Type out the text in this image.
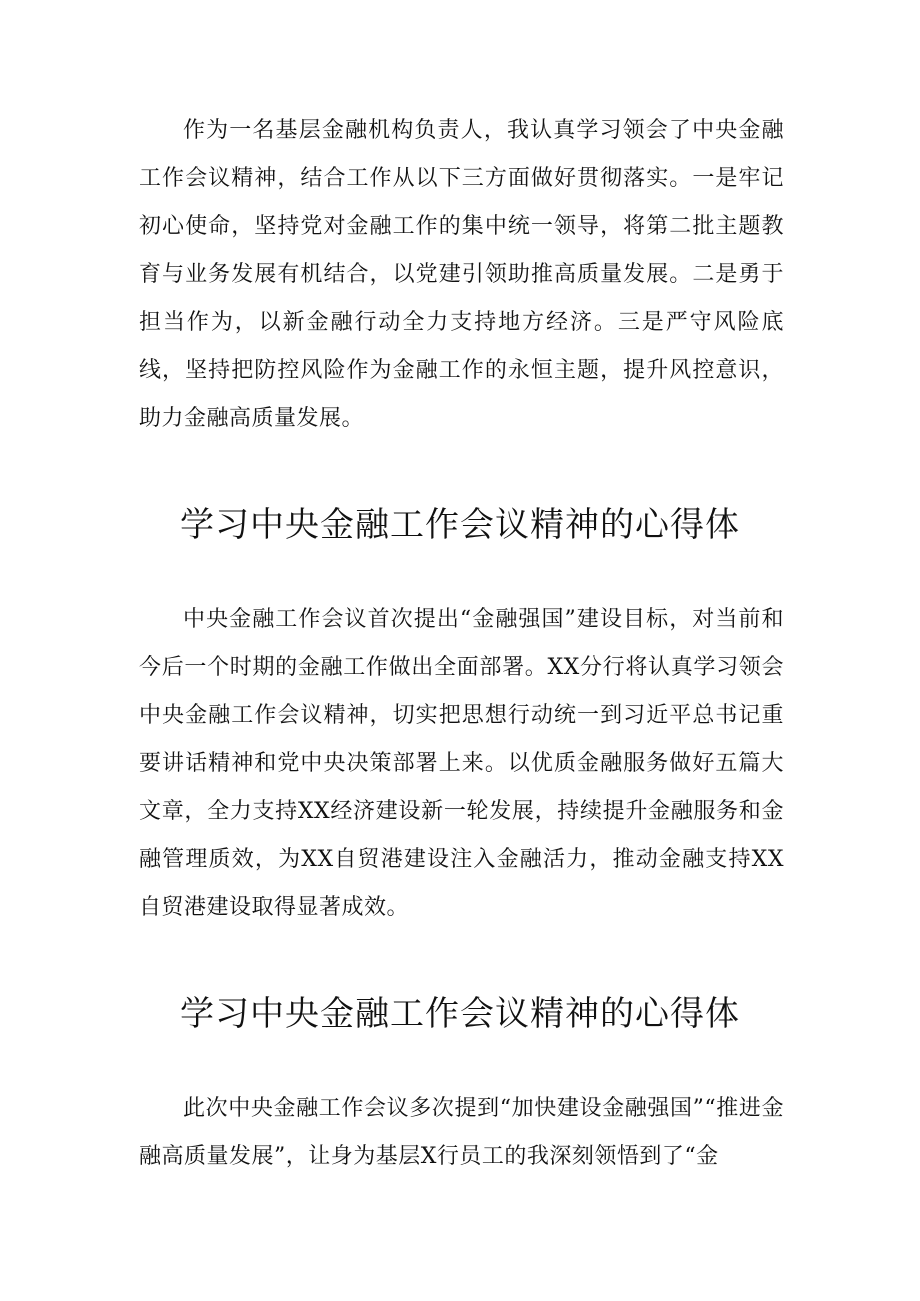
作为一名基层金融机构负责人，我认真学习领会了中央金融工作会议精神，结合工作从以下三方面做好贯彻落实。一是牢记初心使命，坚持党对金融工作的集中统一领导，将第二批主题教育与业务发展有机结合，以党建引领助推高质量发展。二是勇于担当作为，以新金融行动全力支持地方经济。三是严守风险底线，坚持把防控风险作为金融工作的永恒主题，提升风控意识，助力金融高质量发展。

学习中央金融工作会议精神的心得体

中央金融工作会议首次提出“金融强国”建设目标，对当前和今后一个时期的金融工作做出全面部署。XX分行将认真学习领会中央金融工作会议精神，切实把思想行动统一到习近平总书记重要讲话精神和党中央决策部署上来。以优质金融服务做好五篇大文章，全力支持XX经济建设新一轮发展，持续提升金融服务和金融管理质效，为XX自贸港建设注入金融活力，推动金融支持XX自贸港建设取得显著成效。

学习中央金融工作会议精神的心得体

此次中央金融工作会议多次提到“加快建设金融强国”“推进金融高质量发展”，让身为基层X行员工的我深刻领悟到了“金
